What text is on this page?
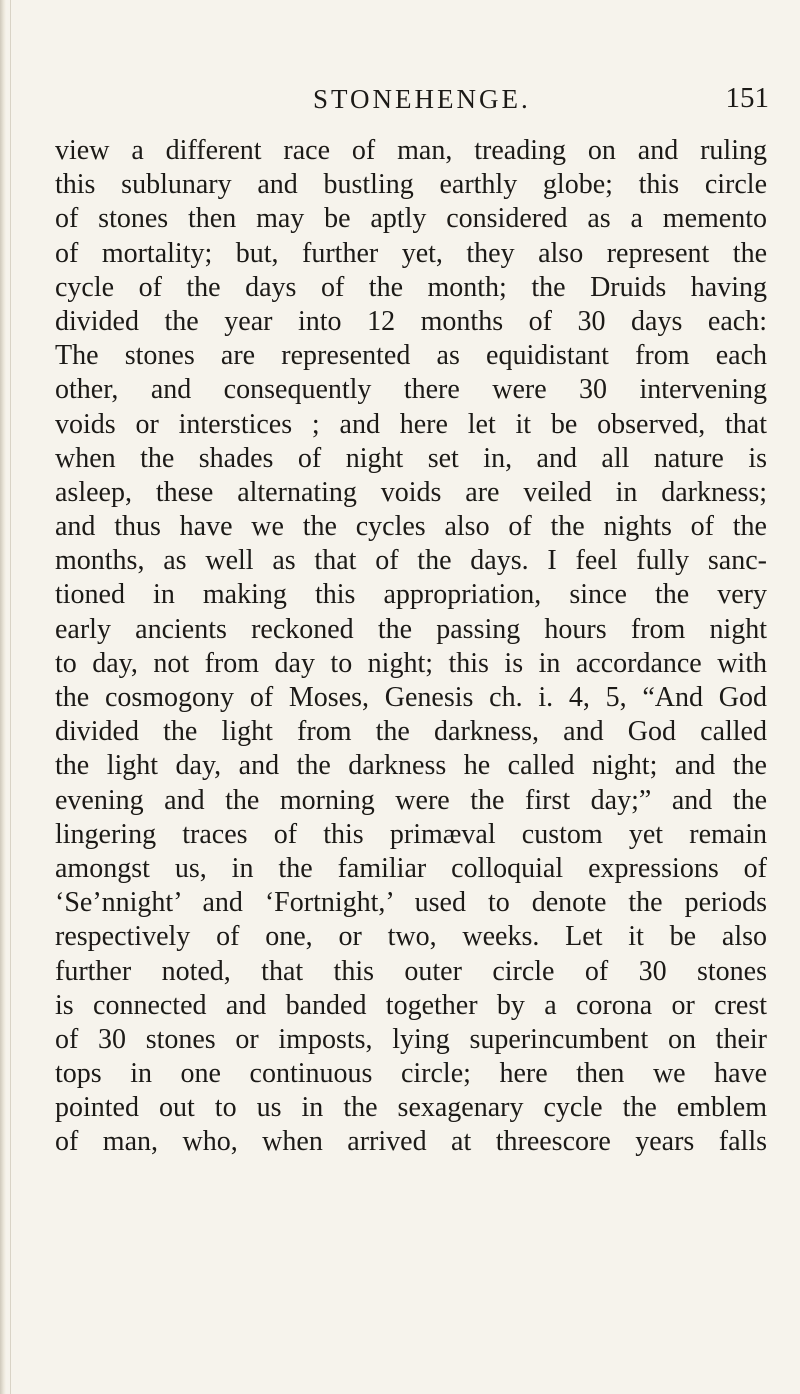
STONEHENGE.	151
view a different race of man, treading on and ruling
this sublunary and bustling earthly globe; this circle
of stones then may be aptly considered as a memento
of mortality; but, further yet, they also represent the
cycle of the days of the month; the Druids having
divided the year into 12 months of 30 days each:
The stones are represented as equidistant from each
other, and consequently there were 30 intervening
voids or interstices ; and here let it be observed, that
when the shades of night set in, and all nature is
asleep, these alternating voids are veiled in darkness;
and thus have we the cycles also of the nights of the
months, as well as that of the days. I feel fully sanc-
tioned in making this appropriation, since the very
early ancients reckoned the passing hours from night
to day, not from day to night; this is in accordance with
the cosmogony of Moses, Genesis ch. i. 4, 5, “And God
divided the light from the darkness, and God called
the light day, and the darkness he called night; and the
evening and the morning were the first day;” and the
lingering traces of this primæval custom yet remain
amongst us, in the familiar colloquial expressions of
‘Se’nnight’ and ‘Fortnight,’ used to denote the periods
respectively of one, or two, weeks. Let it be also
further noted, that this outer circle of 30 stones
is connected and banded together by a corona or crest
of 30 stones or imposts, lying superincumbent on their
tops in one continuous circle; here then we have
pointed out to us in the sexagenary cycle the emblem
of man, who, when arrived at threescore years falls
